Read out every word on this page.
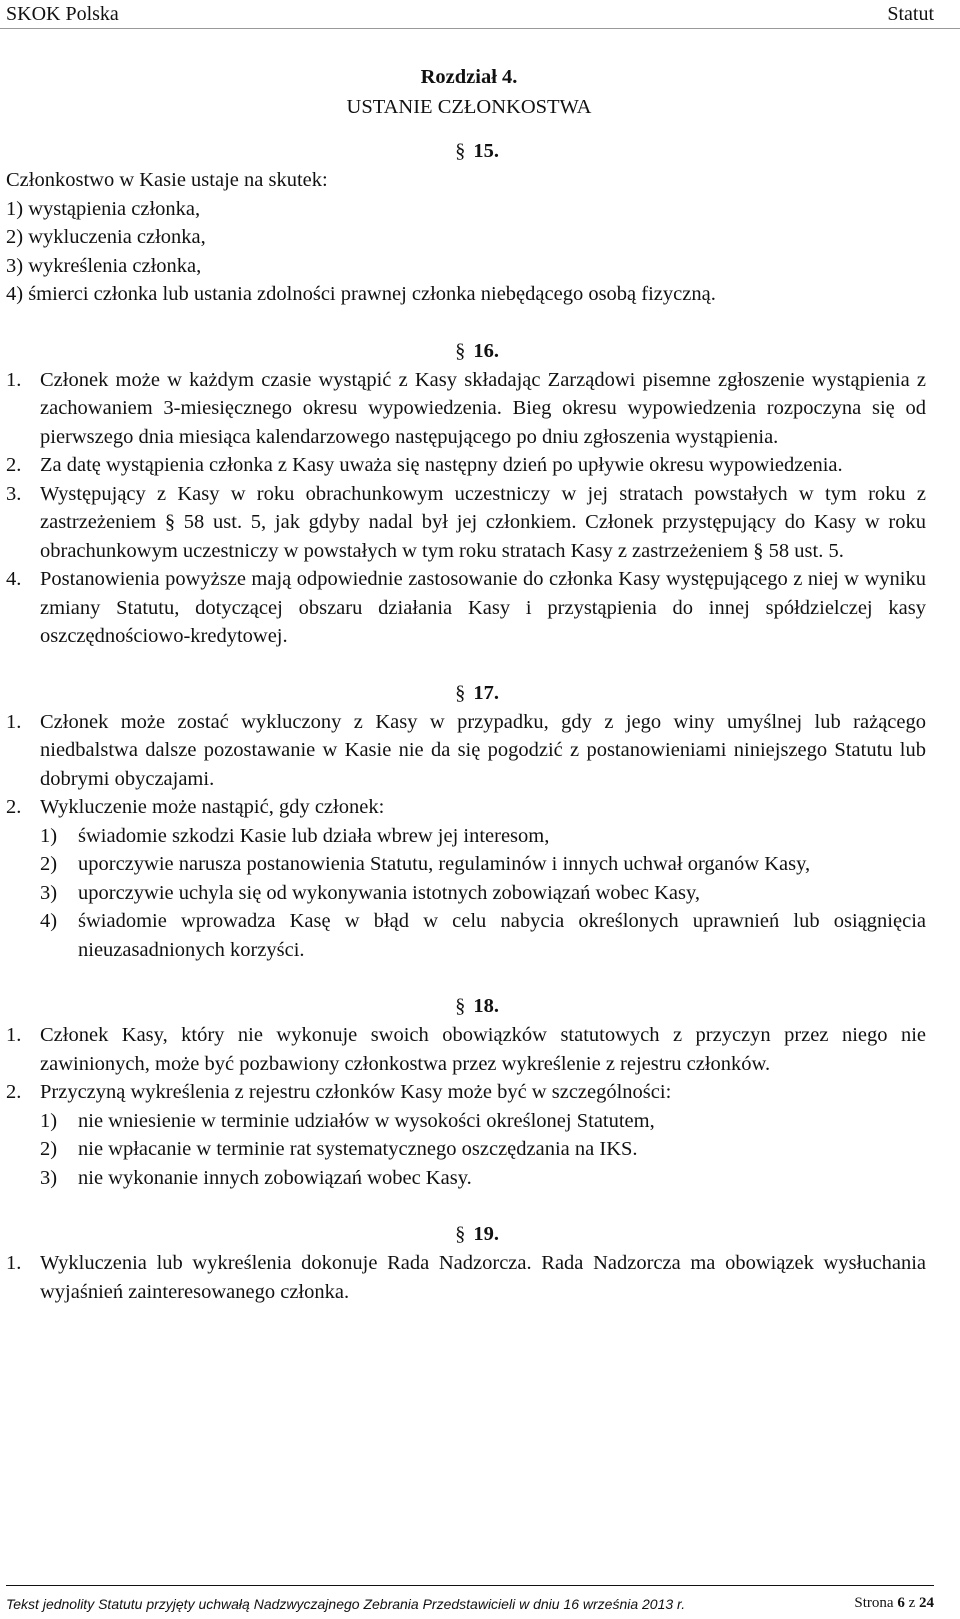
SKOK Polska	Statut
Rozdział 4.
USTANIE CZŁONKOSTWA
§ 15.
Członkostwo w Kasie ustaje na skutek:
1) wystąpienia członka,
2) wykluczenia członka,
3) wykreślenia członka,
4) śmierci członka lub ustania zdolności prawnej członka niebędącego osobą fizyczną.
§ 16.
1. Członek może w każdym czasie wystąpić z Kasy składając Zarządowi pisemne zgłoszenie wystąpienia z zachowaniem 3-miesięcznego okresu wypowiedzenia. Bieg okresu wypowiedzenia rozpoczyna się od pierwszego dnia miesiąca kalendarzowego następującego po dniu zgłoszenia wystąpienia.
2. Za datę wystąpienia członka z Kasy uważa się następny dzień po upływie okresu wypowiedzenia.
3. Występujący z Kasy w roku obrachunkowym uczestniczy w jej stratach powstałych w tym roku z zastrzeżeniem § 58 ust. 5, jak gdyby nadal był jej członkiem. Członek przystępujący do Kasy w roku obrachunkowym uczestniczy w powstałych w tym roku stratach Kasy z zastrzeżeniem § 58 ust. 5.
4. Postanowienia powyższe mają odpowiednie zastosowanie do członka Kasy występującego z niej w wyniku zmiany Statutu, dotyczącej obszaru działania Kasy i przystąpienia do innej spółdzielczej kasy oszczędnościowo-kredytowej.
§ 17.
1. Członek może zostać wykluczony z Kasy w przypadku, gdy z jego winy umyślnej lub rażącego niedbalstwa dalsze pozostawanie w Kasie nie da się pogodzić z postanowieniami niniejszego Statutu lub dobrymi obyczajami.
2. Wykluczenie może nastąpić, gdy członek:
1)	świadomie szkodzi Kasie lub działa wbrew jej interesom,
2)	uporczywie narusza postanowienia Statutu, regulaminów i innych uchwał organów Kasy,
3)	uporczywie uchyla się od wykonywania istotnych zobowiązań wobec Kasy,
4)	świadomie wprowadza Kasę w błąd w celu nabycia określonych uprawnień lub osiągnięcia nieuzasadnionych korzyści.
§ 18.
1. Członek Kasy, który nie wykonuje swoich obowiązków statutowych z przyczyn przez niego nie zawinionych, może być pozbawiony członkostwa przez wykreślenie z rejestru członków.
2. Przyczyną wykreślenia z rejestru członków Kasy może być w szczególności:
1)	nie wniesienie w terminie udziałów w wysokości określonej Statutem,
2)	nie wpłacanie w terminie rat systematycznego oszczędzania na IKS.
3)	nie wykonanie innych zobowiązań wobec Kasy.
§ 19.
1. Wykluczenia lub wykreślenia dokonuje Rada Nadzorcza. Rada Nadzorcza ma obowiązek wysłuchania wyjaśnień zainteresowanego członka.
Tekst jednolity Statutu przyjęty uchwałą Nadzwyczajnego Zebrania Przedstawicieli w dniu 16 września 2013 r.	Strona 6 z 24
